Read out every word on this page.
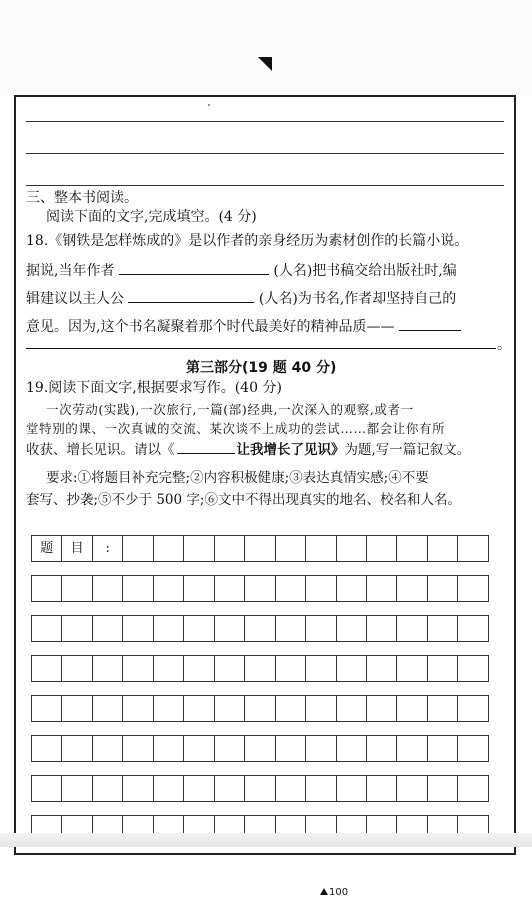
三、整本书阅读。
阅读下面的文字,完成填空。(4 分)
18.《钢铁是怎样炼成的》是以作者的亲身经历为素材创作的长篇小说。
据说,当年作者	(人名)把书稿交给出版社时,编
辑建议以主人公	(人名)为书名,作者却坚持自己的
意见。因为,这个书名凝聚着那个时代最美好的精神品质——
。
第三部分(19 题 40 分)
19.阅读下面文字,根据要求写作。(40 分)
一次劳动(实践),一次旅行,一篇(部)经典,一次深入的观察,或者一
堂特别的课、一次真诚的交流、某次谈不上成功的尝试……都会让你有所
收获、增长见识。请以《	让我增长了见识》为题,写一篇记叙文。
要求:①将题目补充完整;②内容积极健康;③表达真情实感;④不要
套写、抄袭;⑤不少于 500 字;⑥文中不得出现真实的地名、校名和人名。
题	目	:
100
